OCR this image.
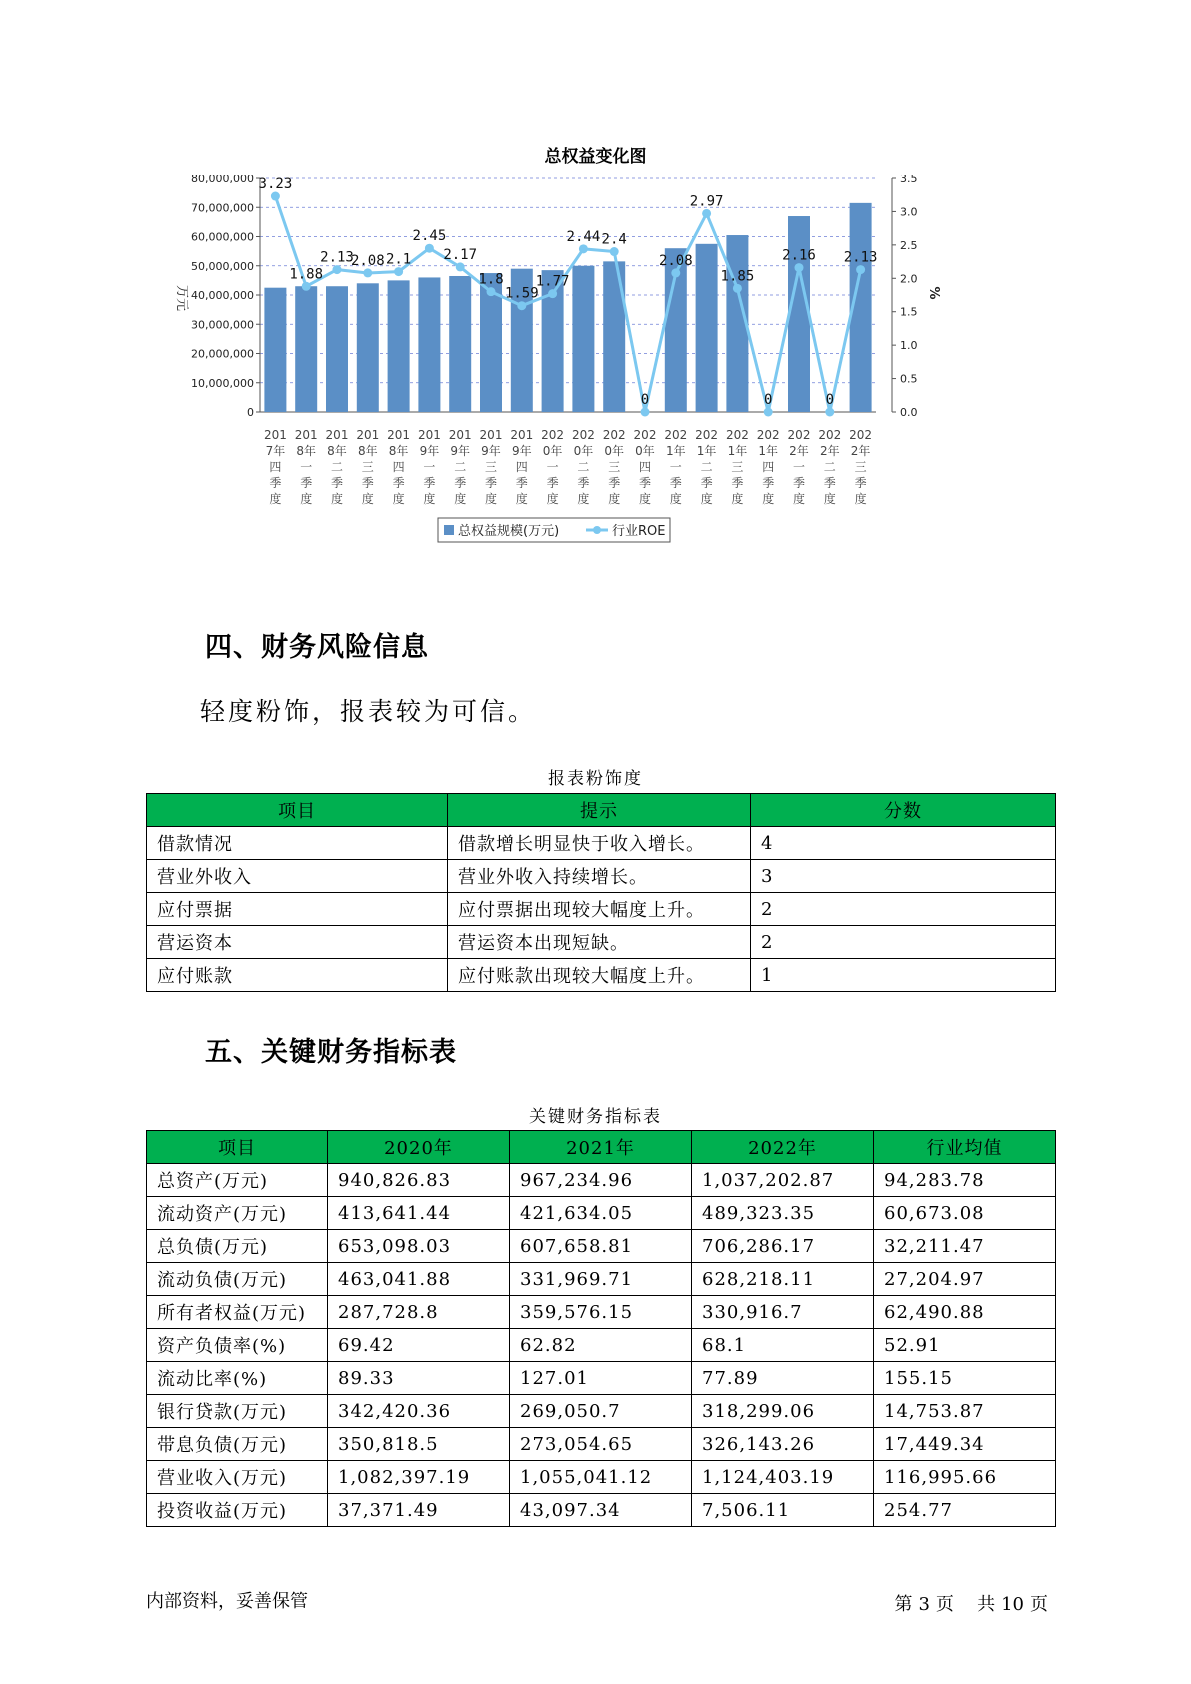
总权益变化图
0
10,000,000
20,000,000
30,000,000
40,000,000
50,000,000
60,000,000
70,000,000
80,000,000
0.0
0.5
1.0
1.5
2.0
2.5
3.0
3.5
万元	%
3.23
1.88
2.13
2.08 2.1
2.45
2.17
1.8
1.59
1.77
2.44 2.4
0
2.08
2.97
1.85
0
2.16
0
2.13
201
7年
四
季
度
201
8年
一
季
度
201
8年
二
季
度
201
8年
三
季
度
201
8年
四
季
度
201
9年
一
季
度
201
9年
二
季
度
201
9年
三
季
度
201
9年
四
季
度
202
0年
一
季
度
202
0年
二
季
度
202
0年
三
季
度
202
0年
四
季
度
202
1年
一
季
度
202
1年
二
季
度
202
1年
三
季
度
202
1年
四
季
度
202
2年
一
季
度
202
2年
二
季
度
202
2年
三
季
度
总权益规模(万元)	行业ROE
四、财务风险信息
轻度粉饰，报表较为可信。
报表粉饰度
项目	提示	分数
借款情况	借款增长明显快于收入增长。	4
营业外收入	营业外收入持续增长。	3
应付票据	应付票据出现较大幅度上升。	2
营运资本	营运资本出现短缺。	2
应付账款	应付账款出现较大幅度上升。	1
五、关键财务指标表
关键财务指标表
项目	2020年	2021年	2022年	行业均值
总资产(万元)	940,826.83	967,234.96	1,037,202.87	94,283.78
流动资产(万元)	413,641.44	421,634.05	489,323.35	60,673.08
总负债(万元)	653,098.03	607,658.81	706,286.17	32,211.47
流动负债(万元)	463,041.88	331,969.71	628,218.11	27,204.97
所有者权益(万元)	287,728.8	359,576.15	330,916.7	62,490.88
资产负债率(%)	69.42	62.82	68.1	52.91
流动比率(%)	89.33	127.01	77.89	155.15
银行贷款(万元)	342,420.36	269,050.7	318,299.06	14,753.87
带息负债(万元)	350,818.5	273,054.65	326,143.26	17,449.34
营业收入(万元)	1,082,397.19	1,055,041.12	1,124,403.19	116,995.66
投资收益(万元)	37,371.49	43,097.34	7,506.11	254.77
内部资料，妥善保管	第 3 页 共 10 页
